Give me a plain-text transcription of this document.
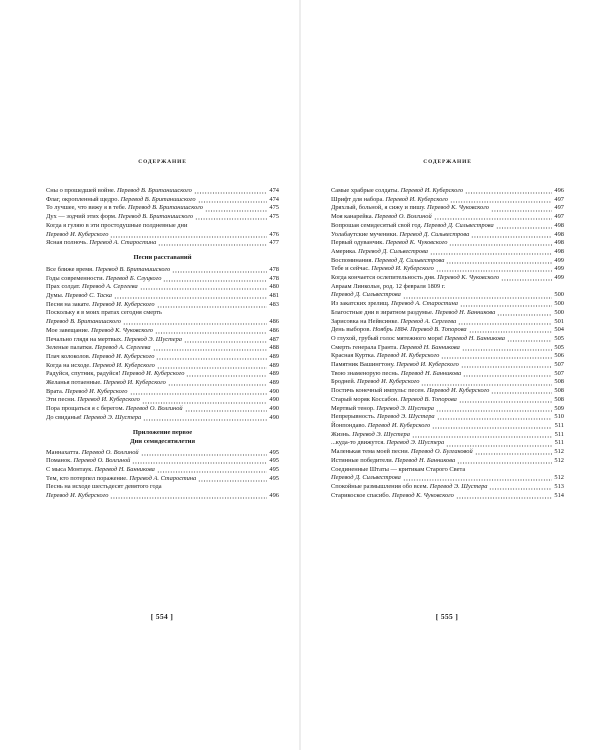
СОДЕРЖАНИЕ
Сны о прошедшей войне. Перевод В. Британишского	474
Флаг, окропленный щедро. Перевод В. Британишского	474
То лучшее, что вижу я в тебе. Перевод В. Британишского	475
Дух — зодчий этих форм. Перевод В. Британишского	475
Когда я гуляю в эти простодушные полдневные дни
Перевод И. Куберского	476
Ясная полночь. Перевод А. Старостина	477
Песни расставаний
Все ближе время. Перевод В. Британишского	478
Годы современности. Перевод Б. Слуцкого	478
Прах солдат. Перевод А. Сергеева	480
Думы. Перевод С. Таска	481
Песня на закате. Перевод И. Куберского	483
Поскольку я в моих пратах сегодня смерть
Перевод В. Британишского	486
Мое завещание. Перевод К. Чуковского	486
Печально глядя на мертвых. Перевод Э. Шустера	487
Зеленые палатки. Перевод А. Сергеева	488
Плач колоколов. Перевод И. Куберского	489
Когда на исходе. Перевод И. Куберского	489
Радуйся, спутник, радуйся! Перевод И. Куберского	489
Желанья потаенные. Перевод И. Куберского	489
Врата. Перевод И. Куберского	490
Эти песни. Перевод И. Куберского	490
Пора прощаться я с берегом. Перевод О. Волгиной	490
До свиданья! Перевод Э. Шустера	490
Приложение первое
Дни семидесятилетия
Маннахатта. Перевод О. Волгиной	495
Поманок. Перевод О. Волгиной	495
С мыса Монтаук. Перевод Н. Банникова	495
Тем, кто потерпел поражение. Перевод А. Старостина	495
Песнь на исходе шестьдесят девятого года
Перевод И. Куберского	496
[ 554 ]
СОДЕРЖАНИЕ
Самые храбрые солдаты. Перевод И. Куберского	496
Шрифт для набора. Перевод И. Куберского	497
Дряхлый, больной, я сижу и пишу. Перевод К. Чуковского	497
Моя канарейка. Перевод О. Волгиной	497
Вопрошая семидесятый свой год. Перевод Д. Сильвестрова	498
Уолабаутские мученики. Перевод Д. Сильвестрова	498
Первый одуванчик. Перевод К. Чуковского	498
Америка. Перевод Д. Сильвестрова	498
Воспоминания. Перевод Д. Сильвестрова	499
Тебе и сейчас. Перевод И. Куберского	499
Когда кончается ослепительность дня. Перевод К. Чуковского	499
Авраам Линкольн, род. 12 февраля 1809 г.
Перевод Д. Сильвестрова	500
Из закатских зрелищ. Перевод А. Старостина	500
Благостные дни в зиратном раздумье. Перевод Н. Банникова	500
Зарисовка на Нейвсинке. Перевод А. Сергеева	501
День выборов. Ноябрь 1884. Перевод В. Топорова	504
О глухой, грубый голос мятежного моря! Перевод Н. Банникова	505
Смерть генерала Гранта. Перевод Н. Банникова	505
Красная Куртка. Перевод И. Куберского	506
Памятник Вашингтону. Перевод И. Куберского	507
Твою знаменорую песнь. Перевод Н. Банникова	507
Бродней. Перевод И. Куберского	508
Постичь конечный импульс песен. Перевод И. Куберского	508
Старый моряк Коссабон. Перевод В. Топорова	508
Мертвый тенор. Перевод Э. Шустера	509
Непрерывность. Перевод Э. Шустера	510
Йонпондаво. Перевод И. Куберского	511
Жизнь. Перевод Э. Шустера	511
...куда-то движутся. Перевод Э. Шустера	511
Маленькая тема моей песни. Перевод О. Булгаковой	512
Истинные победители. Перевод Н. Банникова	512
Соединенные Штаты — критикам Старого Света
Перевод Д. Сильвестрова	512
Спокойные размышления обо всем. Перевод Э. Шустера	513
Старикоское спасибо. Перевод К. Чуковского	514
[ 555 ]
